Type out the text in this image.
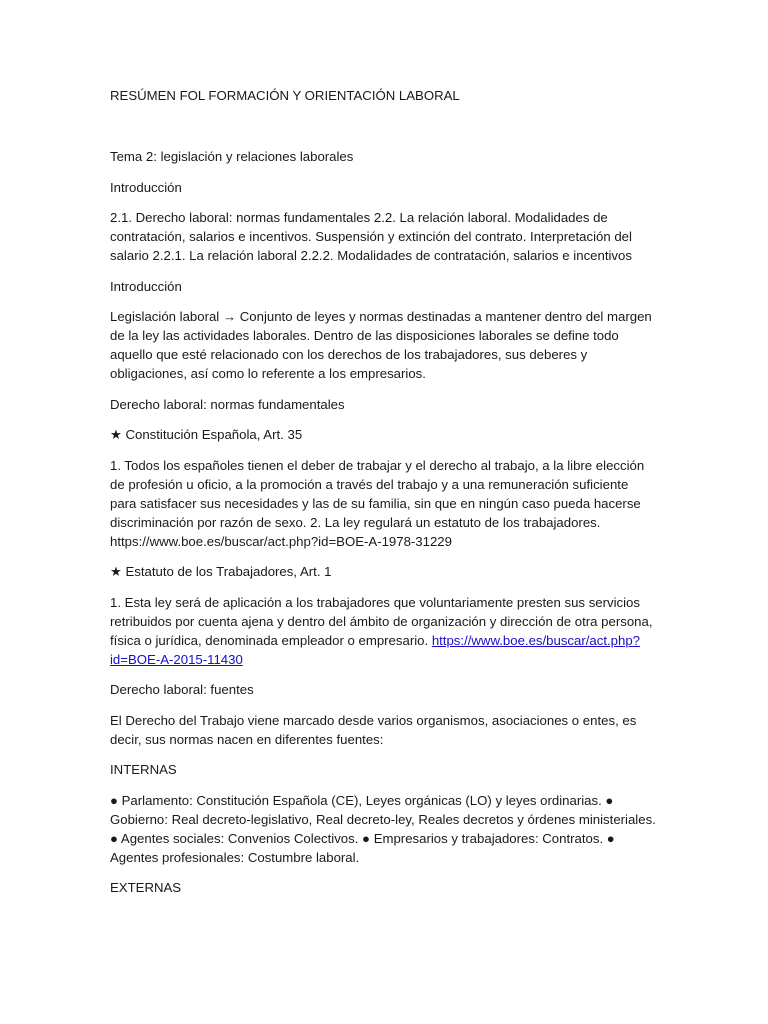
RESÚMEN FOL FORMACIÓN Y ORIENTACIÓN LABORAL

Tema 2: legislación y relaciones laborales

Introducción

2.1. Derecho laboral: normas fundamentales 2.2. La relación laboral. Modalidades de contratación, salarios e incentivos. Suspensión y extinción del contrato. Interpretación del salario 2.2.1. La relación laboral 2.2.2. Modalidades de contratación, salarios e incentivos

Introducción

Legislación laboral → Conjunto de leyes y normas destinadas a mantener dentro del margen de la ley las actividades laborales. Dentro de las disposiciones laborales se define todo aquello que esté relacionado con los derechos de los trabajadores, sus deberes y obligaciones, así como lo referente a los empresarios.

Derecho laboral: normas fundamentales

★ Constitución Española, Art. 35

1. Todos los españoles tienen el deber de trabajar y el derecho al trabajo, a la libre elección de profesión u oficio, a la promoción a través del trabajo y a una remuneración suficiente para satisfacer sus necesidades y las de su familia, sin que en ningún caso pueda hacerse discriminación por razón de sexo. 2. La ley regulará un estatuto de los trabajadores. https://www.boe.es/buscar/act.php?id=BOE-A-1978-31229

★ Estatuto de los Trabajadores, Art. 1

1. Esta ley será de aplicación a los trabajadores que voluntariamente presten sus servicios retribuidos por cuenta ajena y dentro del ámbito de organización y dirección de otra persona, física o jurídica, denominada empleador o empresario. https://www.boe.es/buscar/act.php?id=BOE-A-2015-11430

Derecho laboral: fuentes

El Derecho del Trabajo viene marcado desde varios organismos, asociaciones o entes, es decir, sus normas nacen en diferentes fuentes:

INTERNAS

● Parlamento: Constitución Española (CE), Leyes orgánicas (LO) y leyes ordinarias. ● Gobierno: Real decreto-legislativo, Real decreto-ley, Reales decretos y órdenes ministeriales. ● Agentes sociales: Convenios Colectivos. ● Empresarios y trabajadores: Contratos. ● Agentes profesionales: Costumbre laboral.

EXTERNAS
